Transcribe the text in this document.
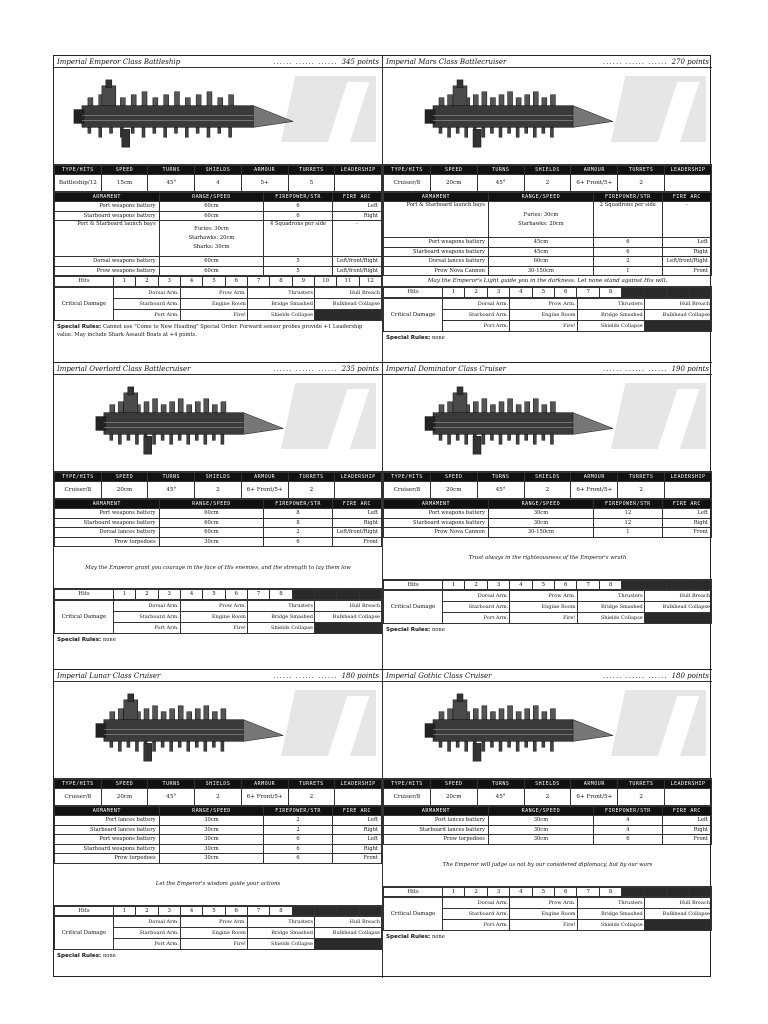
Imperial Emperor Class Battleship	...... ...... ...... 345 points
TYPE/HITS	SPEED	TURNS	SHIELDS	ARMOUR	TURRETS	LEADERSHIP
Battleship/12	15cm	45°	4	5+	5	
ARMAMENT	RANGE/SPEED	FIREPOWER/STR	FIRE ARC
Port weapons battery	60cm	6	Left
Starboard weapons battery	60cm	6	Right
Port & Starboard launch bays	Furies: 30cm
Starhawks: 20cm
Sharks: 30cm	4 Squadrons per side	-
Dorsal weapons battery	60cm	5	Left/front/Right
Prow weapons battery	60cm	5	Left/front/Right
Hits	1	2	3	4	5	6	7	8	9	10	11	12
Critical Damage	Dorsal Arm.	Prow Arm.	Thrusters	Hull Breach
	Starboard Arm.	Engine Room	Bridge Smashed	Bulkhead Collapse
	Port Arm.	Fire!	Shields Collapse	
Special Rules: Cannot use "Come to New Heading" Special Order. Forward sensor probes provide +1 Leadership value. May include Shark Assault Boats at +4 points.
Imperial Mars Class Battlecruiser	...... ...... ...... 270 points
TYPE/HITS	SPEED	TURNS	SHIELDS	ARMOUR	TURRETS	LEADERSHIP
Cruiser/8	20cm	45°	2	6+ Front/5+	2	
ARMAMENT	RANGE/SPEED	FIREPOWER/STR	FIRE ARC
Port & Starboard launch bays	Furies: 30cm
Starhawks: 20cm	2 Squadrons per side	-
Port weapons battery	45cm	6	Left
Starboard weapons battery	45cm	6	Right
Dorsal lances battery	60cm	2	Left/front/Right
Prow Nova Cannon	30-150cm	1	Front
May the Emperor's Light guide you in the darkness. Let none stand against His will.
Hits	1	2	3	4	5	6	7	8				
Critical Damage	Dorsal Arm.	Prow Arm.	Thrusters	Hull Breach
	Starboard Arm.	Engine Room	Bridge Smashed	Bulkhead Collapse
	Port Arm.	Fire!	Shields Collapse	
Special Rules: none
Imperial Overlord Class Battlecruiser	...... ...... ...... 235 points
TYPE/HITS	SPEED	TURNS	SHIELDS	ARMOUR	TURRETS	LEADERSHIP
Cruiser/8	20cm	45°	2	6+ Front/5+	2	
ARMAMENT	RANGE/SPEED	FIREPOWER/STR	FIRE ARC
Port weapons battery	60cm	8	Left
Starboard weapons battery	60cm	8	Right
Dorsal lances battery	60cm	2	Left/front/Right
Prow torpedoes	30cm	6	Front
May the Emperor grant you courage in the face of His enemies, and the strength to lay them low
Hits	1	2	3	4	5	6	7	8				
Critical Damage	Dorsal Arm.	Prow Arm.	Thrusters	Hull Breach
	Starboard Arm.	Engine Room	Bridge Smashed	Bulkhead Collapse
	Port Arm.	Fire!	Shields Collapse	
Special Rules: none
Imperial Dominator Class Cruiser	...... ...... ...... 190 points
TYPE/HITS	SPEED	TURNS	SHIELDS	ARMOUR	TURRETS	LEADERSHIP
Cruiser/8	20cm	45°	2	6+ Front/5+	2	
ARMAMENT	RANGE/SPEED	FIREPOWER/STR	FIRE ARC
Port weapons battery	30cm	12	Left
Starboard weapons battery	30cm	12	Right
Prow Nova Cannon	30-150cm	1	Front
Trust always in the righteousness of the Emperor's wrath
Hits	1	2	3	4	5	6	7	8				
Critical Damage	Dorsal Arm.	Prow Arm.	Thrusters	Hull Breach
	Starboard Arm.	Engine Room	Bridge Smashed	Bulkhead Collapse
	Port Arm.	Fire!	Shields Collapse	
Special Rules: none
Imperial Lunar Class Cruiser	...... ...... ...... 180 points
TYPE/HITS	SPEED	TURNS	SHIELDS	ARMOUR	TURRETS	LEADERSHIP
Cruiser/8	20cm	45°	2	6+ Front/5+	2	
ARMAMENT	RANGE/SPEED	FIREPOWER/STR	FIRE ARC
Port lances battery	30cm	2	Left
Starboard lances battery	30cm	2	Right
Port weapons battery	30cm	6	Left
Starboard weapons battery	30cm	6	Right
Prow torpedoes	30cm	6	Front
Let the Emperor's wisdom guide your actions
Hits	1	2	3	4	5	6	7	8				
Critical Damage	Dorsal Arm.	Prow Arm.	Thrusters	Hull Breach
	Starboard Arm.	Engine Room	Bridge Smashed	Bulkhead Collapse
	Port Arm.	Fire!	Shields Collapse	
Special Rules: none
Imperial Gothic Class Cruiser	...... ...... ...... 180 points
TYPE/HITS	SPEED	TURNS	SHIELDS	ARMOUR	TURRETS	LEADERSHIP
Cruiser/8	20cm	45°	2	6+ Front/5+	2	
ARMAMENT	RANGE/SPEED	FIREPOWER/STR	FIRE ARC
Port lances battery	30cm	4	Left
Starboard lances battery	30cm	4	Right
Prow torpedoes	30cm	6	Front
The Emperor will judge us not by our considered diplomacy, but by our wars
Hits	1	2	3	4	5	6	7	8				
Critical Damage	Dorsal Arm.	Prow Arm.	Thrusters	Hull Breach
	Starboard Arm.	Engine Room	Bridge Smashed	Bulkhead Collapse
	Port Arm.	Fire!	Shields Collapse	
Special Rules: none
